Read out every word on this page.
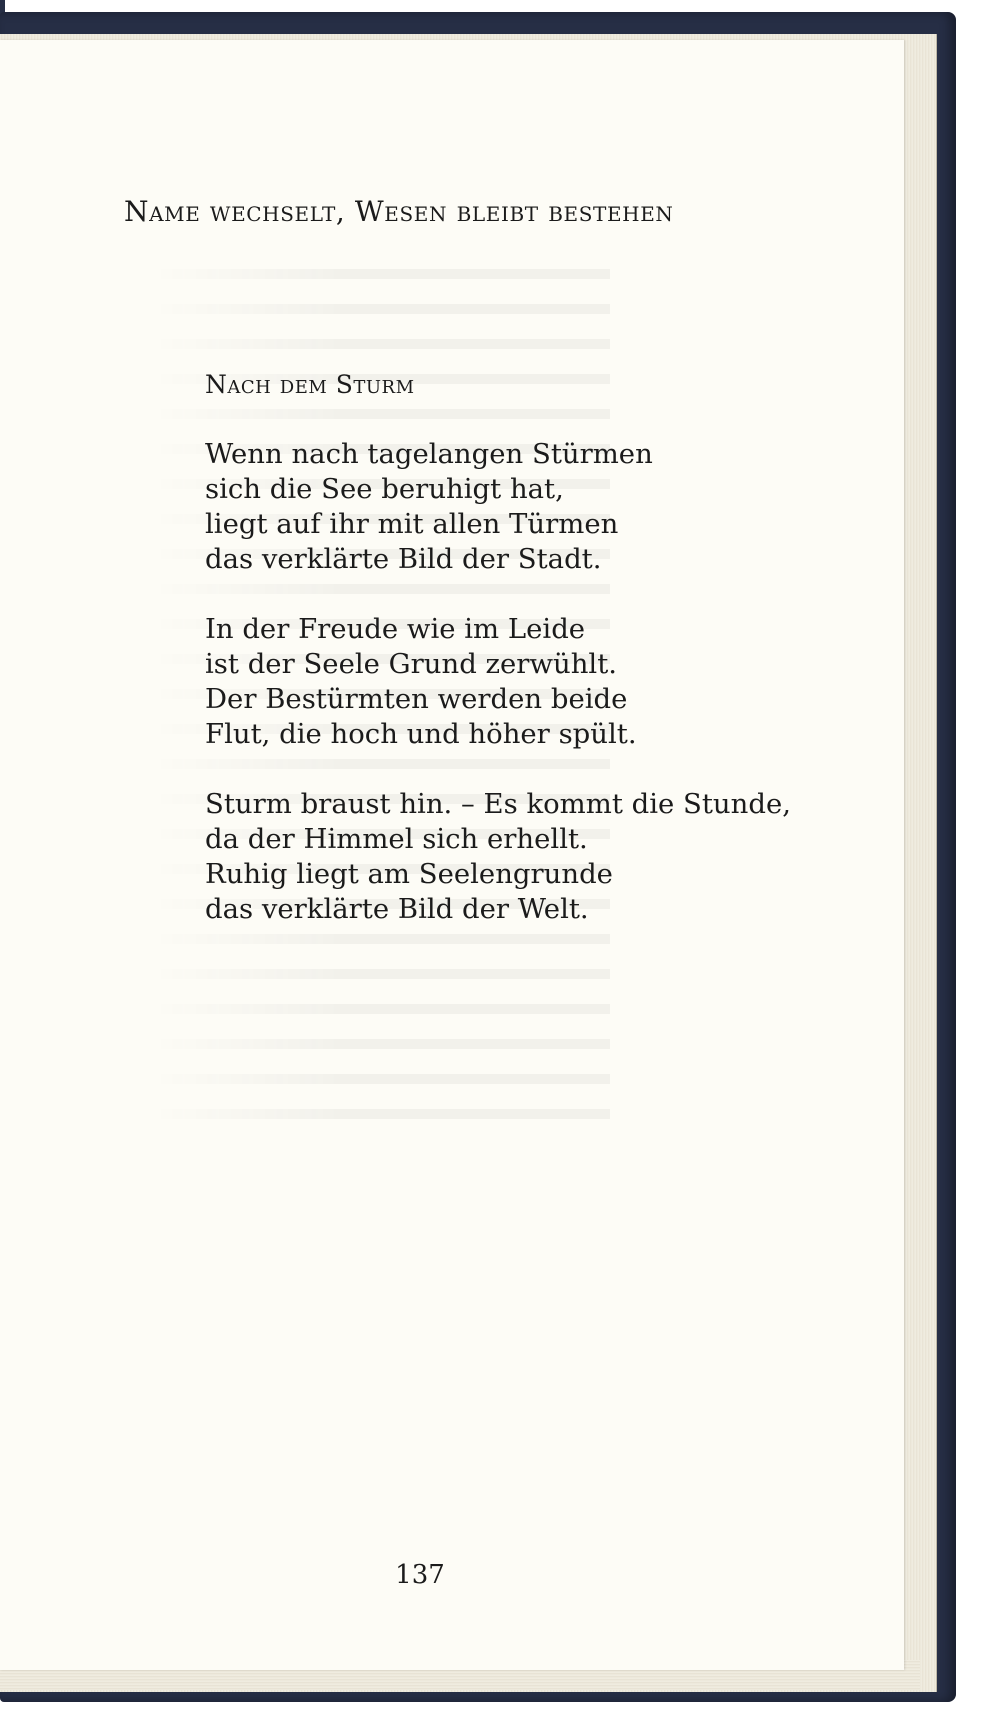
Name wechselt, Wesen bleibt bestehen
Nach dem Sturm
Wenn nach tagelangen Stürmen
sich die See beruhigt hat,
liegt auf ihr mit allen Türmen
das verklärte Bild der Stadt.
In der Freude wie im Leide
ist der Seele Grund zerwühlt.
Der Bestürmten werden beide
Flut, die hoch und höher spült.
Sturm braust hin. – Es kommt die Stunde,
da der Himmel sich erhellt.
Ruhig liegt am Seelengrunde
das verklärte Bild der Welt.
137
